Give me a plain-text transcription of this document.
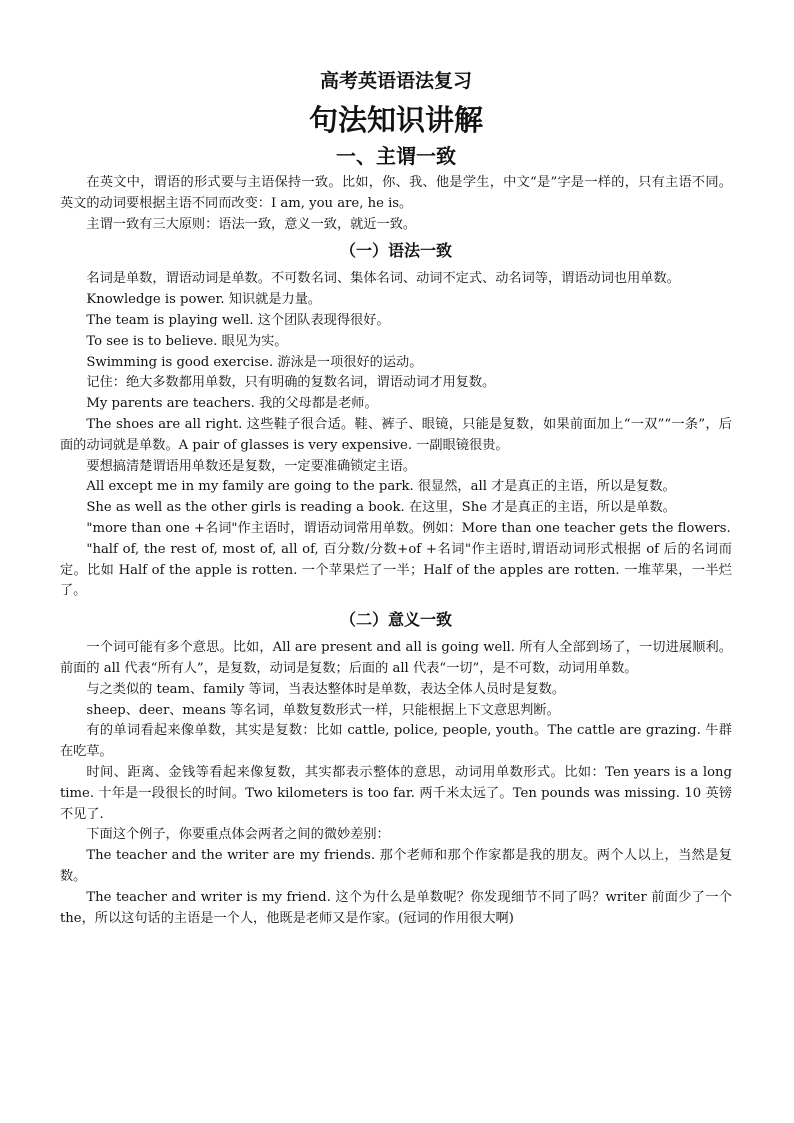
高考英语语法复习
句法知识讲解
一、主谓一致

在英文中，谓语的形式要与主语保持一致。比如，你、我、他是学生，中文“是”字是一样的，只有主语不同。英文的动词要根据主语不同而改变：I am, you are, he is。

主谓一致有三大原则：语法一致，意义一致，就近一致。

（一）语法一致

名词是单数，谓语动词是单数。不可数名词、集体名词、动词不定式、动名词等，谓语动词也用单数。

Knowledge is power. 知识就是力量。

The team is playing well. 这个团队表现得很好。

To see is to believe. 眼见为实。

Swimming is good exercise. 游泳是一项很好的运动。

记住：绝大多数都用单数，只有明确的复数名词，谓语动词才用复数。

My parents are teachers. 我的父母都是老师。

The shoes are all right. 这些鞋子很合适。鞋、裤子、眼镜，只能是复数，如果前面加上“一双”“一条”，后面的动词就是单数。A pair of glasses is very expensive. 一副眼镜很贵。

要想搞清楚谓语用单数还是复数，一定要准确锁定主语。

All except me in my family are going to the park. 很显然，all 才是真正的主语，所以是复数。

She as well as the other girls is reading a book. 在这里，She 才是真正的主语，所以是单数。

"more than one +名词"作主语时，谓语动词常用单数。例如：More than one teacher gets the flowers.

"half of, the rest of, most of, all of, 百分数/分数+of +名词"作主语时,谓语动词形式根据 of 后的名词而定。比如 Half of the apple is rotten. 一个苹果烂了一半；Half of the apples are rotten. 一堆苹果，一半烂了。

（二）意义一致

一个词可能有多个意思。比如，All are present and all is going well. 所有人全部到场了，一切进展顺利。前面的 all 代表“所有人”，是复数，动词是复数；后面的 all 代表“一切”，是不可数，动词用单数。

与之类似的 team、family 等词，当表达整体时是单数，表达全体人员时是复数。

sheep、deer、means 等名词，单数复数形式一样，只能根据上下文意思判断。

有的单词看起来像单数，其实是复数：比如 cattle, police, people, youth。The cattle are grazing. 牛群在吃草。

时间、距离、金钱等看起来像复数，其实都表示整体的意思，动词用单数形式。比如：Ten years is a long time. 十年是一段很长的时间。Two kilometers is too far. 两千米太远了。Ten pounds was missing. 10 英镑不见了.

下面这个例子，你要重点体会两者之间的微妙差别：

The teacher and the writer are my friends. 那个老师和那个作家都是我的朋友。两个人以上，当然是复数。

The teacher and writer is my friend. 这个为什么是单数呢？你发现细节不同了吗？writer 前面少了一个 the，所以这句话的主语是一个人，他既是老师又是作家。(冠词的作用很大啊)
